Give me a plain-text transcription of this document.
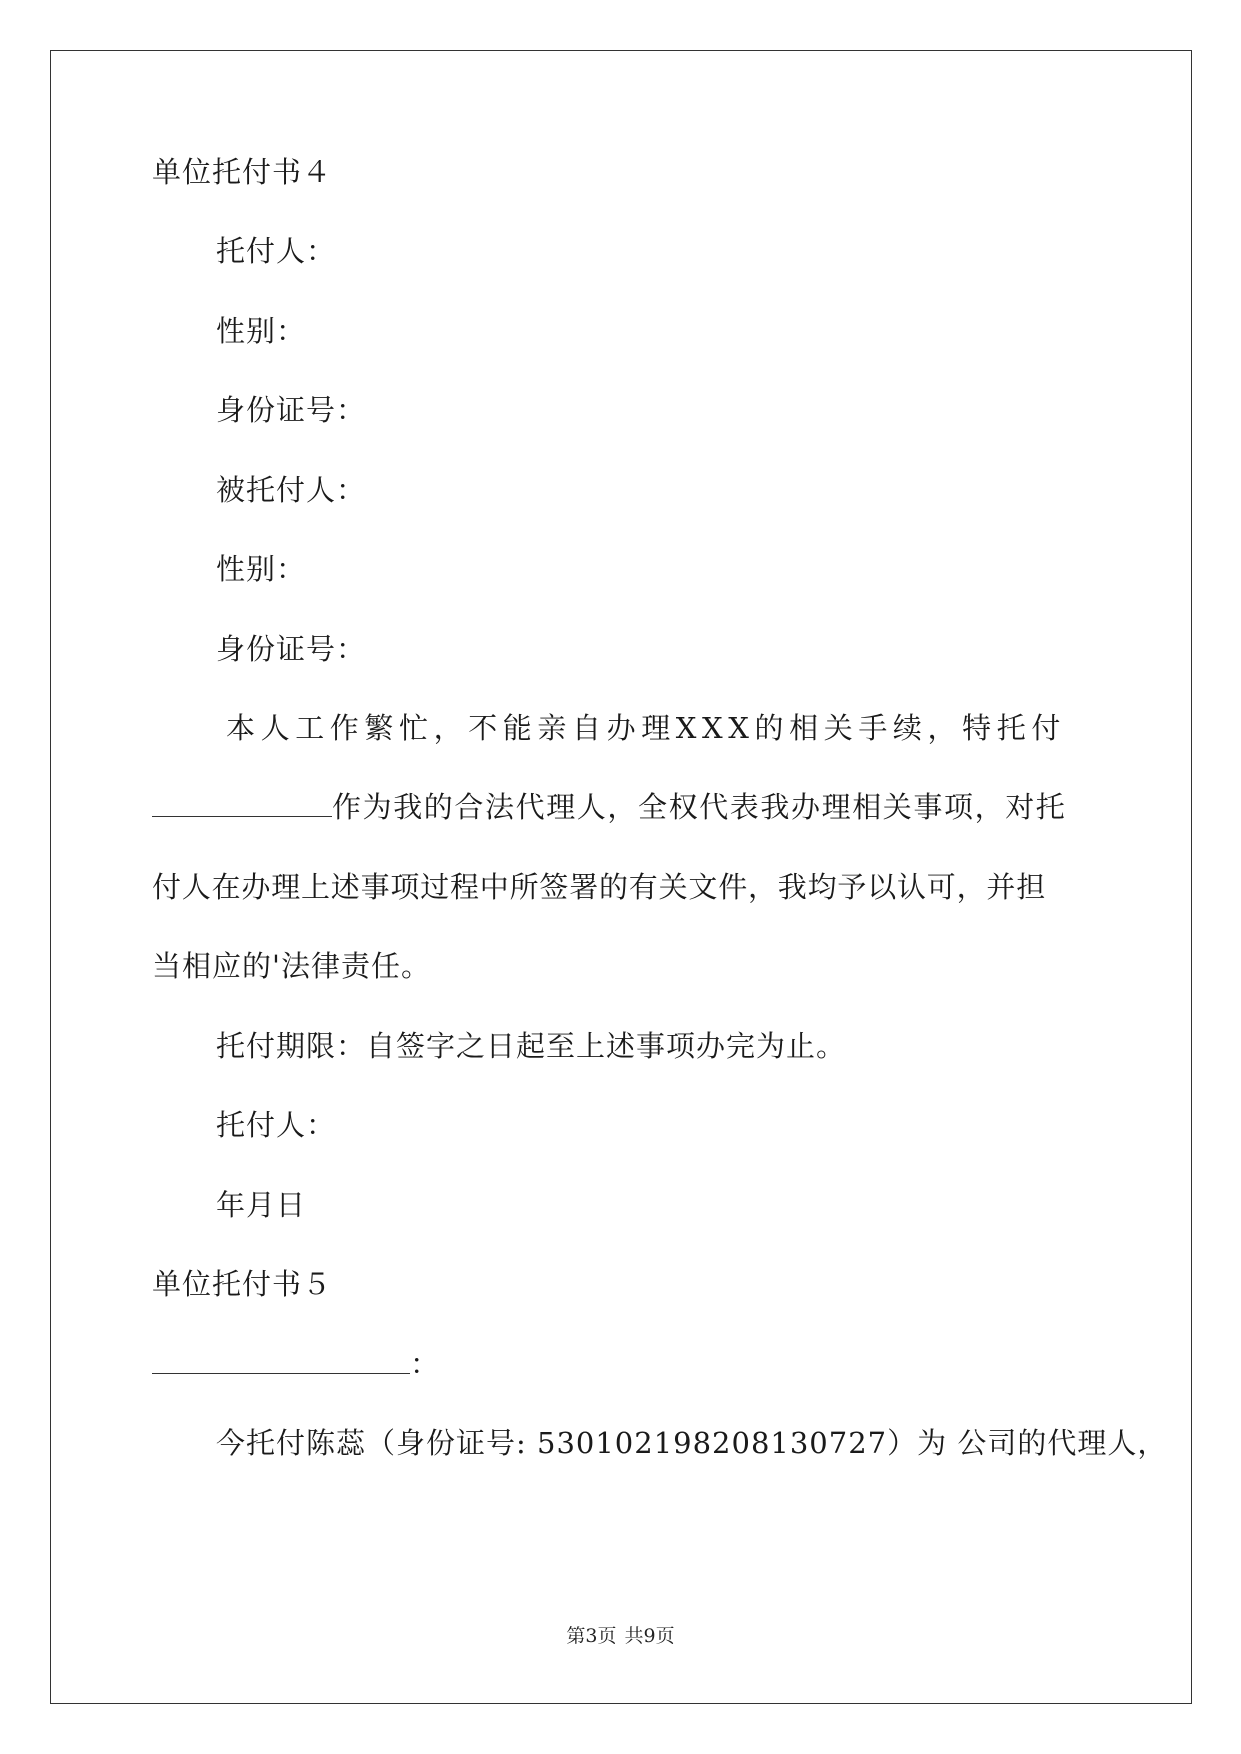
单位托付书４
托付人：
性别：
身份证号：
被托付人：
性别：
身份证号：
本人工作繁忙，不能亲自办理XXX的相关手续，特托付
作为我的合法代理人，全权代表我办理相关事项，对托
付人在办理上述事项过程中所签署的有关文件，我均予以认可，并担
当相应的'法律责任。
托付期限：自签字之日起至上述事项办完为止。
托付人：
年月日
单位托付书５
：
今托付陈蕊（身份证号: 530102198208130727）为 公司的代理人，
第3页 共9页
